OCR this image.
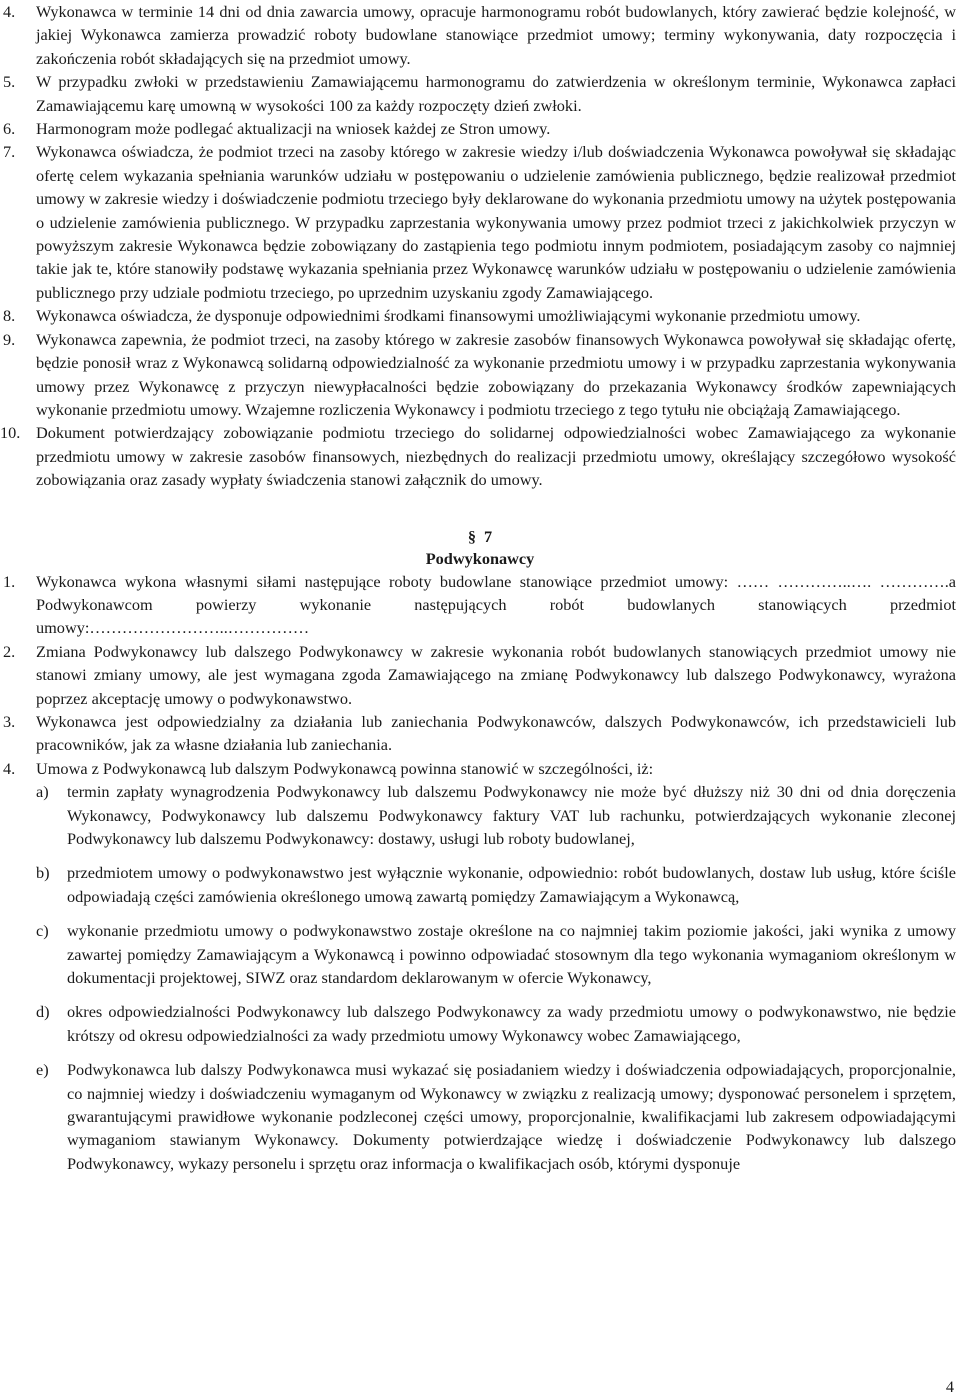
4. Wykonawca w terminie 14 dni od dnia zawarcia umowy, opracuje harmonogramu robót budowlanych, który zawierać będzie kolejność, w jakiej Wykonawca zamierza prowadzić roboty budowlane stanowiące przedmiot umowy; terminy wykonywania, daty rozpoczęcia i zakończenia robót składających się na przedmiot umowy.
5. W przypadku zwłoki w przedstawieniu Zamawiającemu harmonogramu do zatwierdzenia w określonym terminie, Wykonawca zapłaci Zamawiającemu karę umowną w wysokości 100 za każdy rozpoczęty dzień zwłoki.
6. Harmonogram może podlegać aktualizacji na wniosek każdej ze Stron umowy.
7. Wykonawca oświadcza, że podmiot trzeci na zasoby którego w zakresie wiedzy i/lub doświadczenia Wykonawca powoływał się składając ofertę celem wykazania spełniania warunków udziału w postępowaniu o udzielenie zamówienia publicznego, będzie realizował przedmiot umowy w zakresie wiedzy i doświadczenie podmiotu trzeciego były deklarowane do wykonania przedmiotu umowy na użytek postępowania o udzielenie zamówienia publicznego. W przypadku zaprzestania wykonywania umowy przez podmiot trzeci z jakichkolwiek przyczyn w powyższym zakresie Wykonawca będzie zobowiązany do zastąpienia tego podmiotu innym podmiotem, posiadającym zasoby co najmniej takie jak te, które stanowiły podstawę wykazania spełniania przez Wykonawcę warunków udziału w postępowaniu o udzielenie zamówienia publicznego przy udziale podmiotu trzeciego, po uprzednim uzyskaniu zgody Zamawiającego.
8. Wykonawca oświadcza, że dysponuje odpowiednimi środkami finansowymi umożliwiającymi wykonanie przedmiotu umowy.
9. Wykonawca zapewnia, że podmiot trzeci, na zasoby którego w zakresie zasobów finansowych Wykonawca powoływał się składając ofertę, będzie ponosił wraz z Wykonawcą solidarną odpowiedzialność za wykonanie przedmiotu umowy i w przypadku zaprzestania wykonywania umowy przez Wykonawcę z przyczyn niewypłacalności będzie zobowiązany do przekazania Wykonawcy środków zapewniających wykonanie przedmiotu umowy. Wzajemne rozliczenia Wykonawcy i podmiotu trzeciego z tego tytułu nie obciążają Zamawiającego.
10. Dokument potwierdzający zobowiązanie podmiotu trzeciego do solidarnej odpowiedzialności wobec Zamawiającego za wykonanie przedmiotu umowy w zakresie zasobów finansowych, niezbędnych do realizacji przedmiotu umowy, określający szczegółowo wysokość zobowiązania oraz zasady wypłaty świadczenia stanowi załącznik do umowy.
§ 7
Podwykonawcy
1. Wykonawca wykona własnymi siłami następujące roboty budowlane stanowiące przedmiot umowy: …… …………..…. ………….a Podwykonawcom powierzy wykonanie następujących robót budowlanych stanowiących przedmiot umowy:……………………..……………
2. Zmiana Podwykonawcy lub dalszego Podwykonawcy w zakresie wykonania robót budowlanych stanowiących przedmiot umowy nie stanowi zmiany umowy, ale jest wymagana zgoda Zamawiającego na zmianę Podwykonawcy lub dalszego Podwykonawcy, wyrażona poprzez akceptację umowy o podwykonawstwo.
3. Wykonawca jest odpowiedzialny za działania lub zaniechania Podwykonawców, dalszych Podwykonawców, ich przedstawicieli lub pracowników, jak za własne działania lub zaniechania.
4. Umowa z Podwykonawcą lub dalszym Podwykonawcą powinna stanowić w szczególności, iż:
a) termin zapłaty wynagrodzenia Podwykonawcy lub dalszemu Podwykonawcy nie może być dłuższy niż 30 dni od dnia doręczenia Wykonawcy, Podwykonawcy lub dalszemu Podwykonawcy faktury VAT lub rachunku, potwierdzających wykonanie zleconej Podwykonawcy lub dalszemu Podwykonawcy: dostawy, usługi lub roboty budowlanej,
b) przedmiotem umowy o podwykonawstwo jest wyłącznie wykonanie, odpowiednio: robót budowlanych, dostaw lub usług, które ściśle odpowiadają części zamówienia określonego umową zawartą pomiędzy Zamawiającym a Wykonawcą,
c) wykonanie przedmiotu umowy o podwykonawstwo zostaje określone na co najmniej takim poziomie jakości, jaki wynika z umowy zawartej pomiędzy Zamawiającym a Wykonawcą i powinno odpowiadać stosownym dla tego wykonania wymaganiom określonym w dokumentacji projektowej, SIWZ oraz standardom deklarowanym w ofercie Wykonawcy,
d) okres odpowiedzialności Podwykonawcy lub dalszego Podwykonawcy za wady przedmiotu umowy o podwykonawstwo, nie będzie krótszy od okresu odpowiedzialności za wady przedmiotu umowy Wykonawcy wobec Zamawiającego,
e) Podwykonawca lub dalszy Podwykonawca musi wykazać się posiadaniem wiedzy i doświadczenia odpowiadających, proporcjonalnie, co najmniej wiedzy i doświadczeniu wymaganym od Wykonawcy w związku z realizacją umowy; dysponować personelem i sprzętem, gwarantującymi prawidłowe wykonanie podzleconej części umowy, proporcjonalnie, kwalifikacjami lub zakresem odpowiadającymi wymaganiom stawianym Wykonawcy. Dokumenty potwierdzające wiedzę i doświadczenie Podwykonawcy lub dalszego Podwykonawcy, wykazy personelu i sprzętu oraz informacja o kwalifikacjach osób, którymi dysponuje
4
